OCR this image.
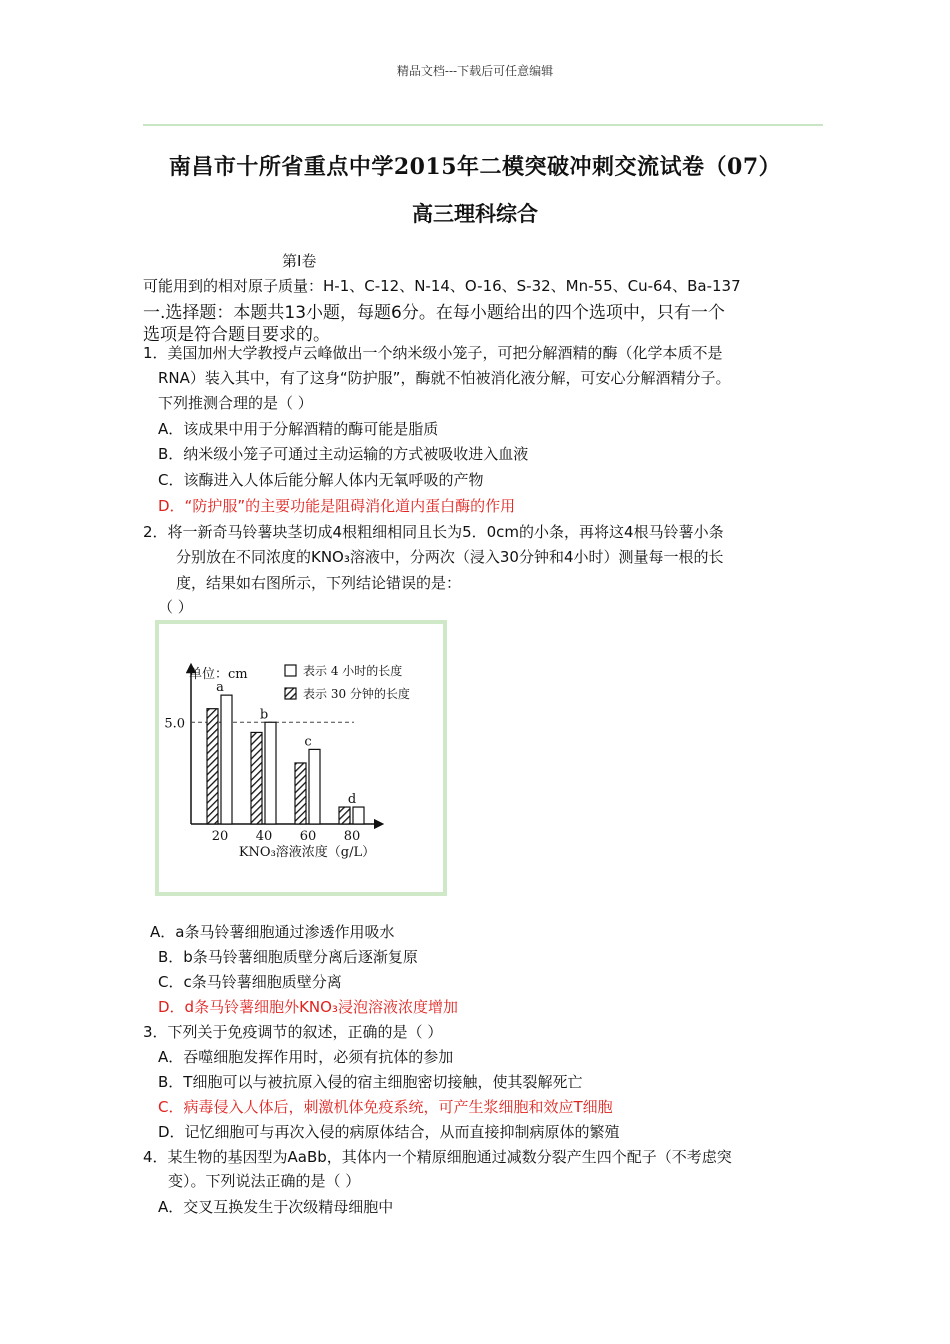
精品文档---下载后可任意编辑
南昌市十所省重点中学2015年二模突破冲刺交流试卷（07）
高三理科综合
第Ⅰ卷
可能用到的相对原子质量：H-1、C-12、N-14、O-16、S-32、Mn-55、Cu-64、Ba-137
一.选择题：本题共13小题，每题6分。在每小题给出的四个选项中，只有一个
选项是符合题目要求的。
1．美国加州大学教授卢云峰做出一个纳米级小笼子，可把分解酒精的酶（化学本质不是
RNA）装入其中，有了这身“防护服”，酶就不怕被消化液分解，可安心分解酒精分子。
下列推测合理的是（ ）
A．该成果中用于分解酒精的酶可能是脂质
B．纳米级小笼子可通过主动运输的方式被吸收进入血液
C．该酶进入人体后能分解人体内无氧呼吸的产物
D．“防护服”的主要功能是阻碍消化道内蛋白酶的作用
2．将一新奇马铃薯块茎切成4根粗细相同且长为5．0cm的小条，再将这4根马铃薯小条
分别放在不同浓度的KNO₃溶液中，分两次（浸入30分钟和4小时）测量每一根的长
度，结果如右图所示，下列结论错误的是：
（ ）
单位：cm	表示 4 小时的长度
表示 30 分钟的长度
5.0
a
20
b
40
c
60
d
80
KNO₃溶液浓度（g/L）
A．a条马铃薯细胞通过渗透作用吸水
B．b条马铃薯细胞质壁分离后逐渐复原
C．c条马铃薯细胞质壁分离
D．d条马铃薯细胞外KNO₃浸泡溶液浓度增加
3．下列关于免疫调节的叙述，正确的是（ ）
A．吞噬细胞发挥作用时，必须有抗体的参加
B．T细胞可以与被抗原入侵的宿主细胞密切接触，使其裂解死亡
C．病毒侵入人体后，刺激机体免疫系统，可产生浆细胞和效应T细胞
D．记忆细胞可与再次入侵的病原体结合，从而直接抑制病原体的繁殖
4．某生物的基因型为AaBb，其体内一个精原细胞通过减数分裂产生四个配子（不考虑突
变）。下列说法正确的是（ ）
A．交叉互换发生于次级精母细胞中
